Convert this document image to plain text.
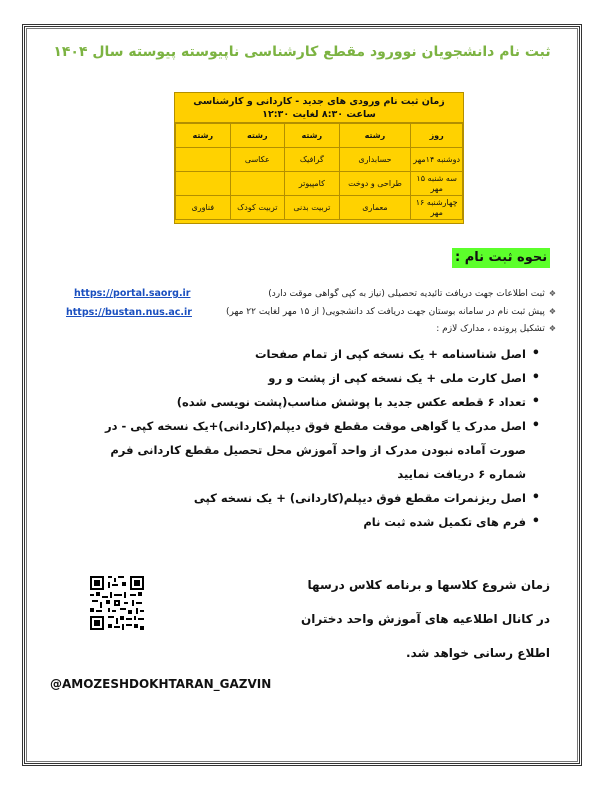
ثبت نام دانشجویان نوورود مقطع کارشناسی ناپیوسته پیوسته سال ۱۴۰۴
زمان ثبت نام ورودی های جدید - کاردانی و کارشناسی
ساعت ۸:۳۰ لغایت ۱۲:۳۰
روز	رشته	رشته	رشته	رشته
دوشنبه ۱۴مهر	حسابداری	گرافیک	عکاسی	
سه شنبه ۱۵ مهر	طراحی و دوخت	کامپیوتر		
چهارشنبه ۱۶ مهر	معماری	تربیت بدنی	تربیت کودک	فناوری
نحوه ثبت نام :
❖ثبت اطلاعات جهت دریافت تائیدیه تحصیلی (نیاز به کپی گواهی موقت دارد)
https://portal.saorg.ir
❖پیش ثبت نام در سامانه بوستان جهت دریافت کد دانشجویی( از ۱۵ مهر لغایت ۲۲ مهر)
https://bustan.nus.ac.ir
❖تشکیل پرونده ، مدارک لازم :
• اصل شناسنامه + یک نسخه کپی از تمام صفحات
• اصل کارت ملی + یک نسخه کپی از پشت و رو
• تعداد ۶ قطعه عکس جدید با پوشش مناسب(پشت نویسی شده)
• اصل مدرک یا گواهی موقت مقطع فوق دیپلم(کاردانی)+یک نسخه کپی - در صورت آماده نبودن مدرک از واحد آموزش محل تحصیل مقطع کاردانی فرم شماره ۶ دریافت نمایید
• اصل ریزنمرات مقطع فوق دیپلم(کاردانی) + یک نسخه کپی
• فرم های تکمیل شده ثبت نام
زمان شروع کلاسها و برنامه کلاس درسها
در کانال اطلاعیه های آموزش واحد دختران
اطلاع رسانی خواهد شد.
@AMOZESHDOKHTARAN_GAZVIN
